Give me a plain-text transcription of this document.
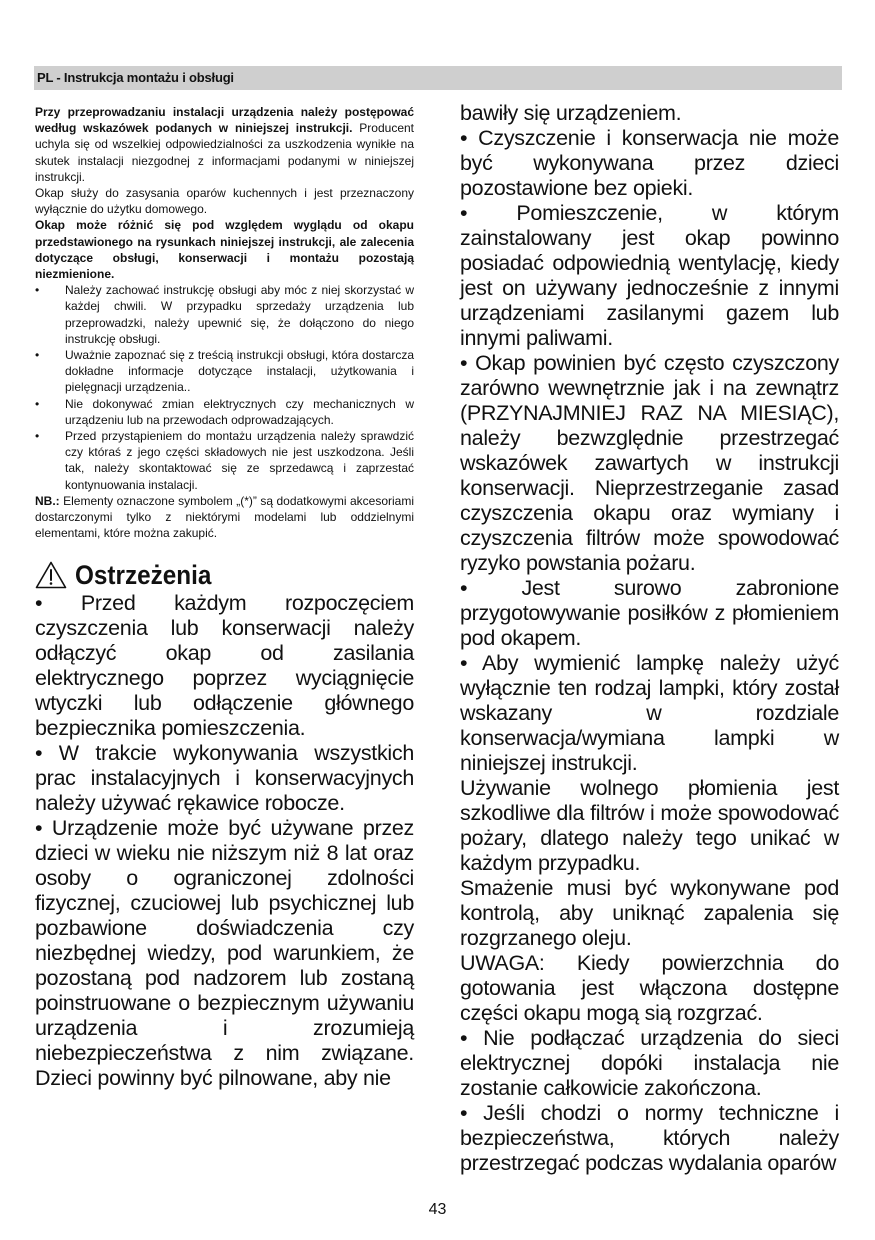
PL - Instrukcja montażu i obsługi

Przy przeprowadzaniu instalacji urządzenia należy postępować według wskazówek podanych w niniejszej instrukcji. Producent uchyla się od wszelkiej odpowiedzialności za uszkodzenia wynikłe na skutek instalacji niezgodnej z informacjami podanymi w niniejszej instrukcji.

Okap służy do zasysania oparów kuchennych i jest przeznaczony wyłącznie do użytku domowego.

Okap może różnić się pod względem wyglądu od okapu przedstawionego na rysunkach niniejszej instrukcji, ale zalecenia dotyczące obsługi, konserwacji i montażu pozostają niezmienione.

• Należy zachować instrukcję obsługi aby móc z niej skorzystać w każdej chwili. W przypadku sprzedaży urządzenia lub przeprowadzki, należy upewnić się, że dołączono do niego instrukcję obsługi.
• Uważnie zapoznać się z treścią instrukcji obsługi, która dostarcza dokładne informacje dotyczące instalacji, użytkowania i pielęgnacji urządzenia..
• Nie dokonywać zmian elektrycznych czy mechanicznych w urządzeniu lub na przewodach odprowadzających.
• Przed przystąpieniem do montażu urządzenia należy sprawdzić czy któraś z jego części składowych nie jest uszkodzona. Jeśli tak, należy skontaktować się ze sprzedawcą i zaprzestać kontynuowania instalacji.

NB.: Elementy oznaczone symbolem „(*)” są dodatkowymi akcesoriami dostarczonymi tylko z niektórymi modelami lub oddzielnymi elementami, które można zakupić.

Ostrzeżenia

• Przed każdym rozpoczęciem czyszczenia lub konserwacji należy odłączyć okap od zasilania elektrycznego poprzez wyciągnięcie wtyczki lub odłączenie głównego bezpiecznika pomieszczenia.

• W trakcie wykonywania wszystkich prac instalacyjnych i konserwacyjnych należy używać rękawice robocze.

• Urządzenie może być używane przez dzieci w wieku nie niższym niż 8 lat oraz osoby o ograniczonej zdolności fizycznej, czuciowej lub psychicznej lub pozbawione doświadczenia czy niezbędnej wiedzy, pod warunkiem, że pozostaną pod nadzorem lub zostaną poinstruowane o bezpiecznym używaniu urządzenia i zrozumieją niebezpieczeństwa z nim związane. Dzieci powinny być pilnowane, aby nie

bawiły się urządzeniem.

• Czyszczenie i konserwacja nie może być wykonywana przez dzieci pozostawione bez opieki.

• Pomieszczenie, w którym zainstalowany jest okap powinno posiadać odpowiednią wentylację, kiedy jest on używany jednocześnie z innymi urządzeniami zasilanymi gazem lub innymi paliwami.

• Okap powinien być często czyszczony zarówno wewnętrznie jak i na zewnątrz (PRZYNAJMNIEJ RAZ NA MIESIĄC), należy bezwzględnie przestrzegać wskazówek zawartych w instrukcji konserwacji. Nieprzestrzeganie zasad czyszczenia okapu oraz wymiany i czyszczenia filtrów może spowodować ryzyko powstania pożaru.

• Jest surowo zabronione przygotowywanie posiłków z płomieniem pod okapem.

• Aby wymienić lampkę należy użyć wyłącznie ten rodzaj lampki, który został wskazany w rozdziale konserwacja/wymiana lampki w niniejszej instrukcji.

Używanie wolnego płomienia jest szkodliwe dla filtrów i może spowodować pożary, dlatego należy tego unikać w każdym przypadku.

Smażenie musi być wykonywane pod kontrolą, aby uniknąć zapalenia się rozgrzanego oleju.

UWAGA: Kiedy powierzchnia do gotowania jest włączona dostępne części okapu mogą sią rozgrzać.

• Nie podłączać urządzenia do sieci elektrycznej dopóki instalacja nie zostanie całkowicie zakończona.

• Jeśli chodzi o normy techniczne i bezpieczeństwa, których należy przestrzegać podczas wydalania oparów

43
